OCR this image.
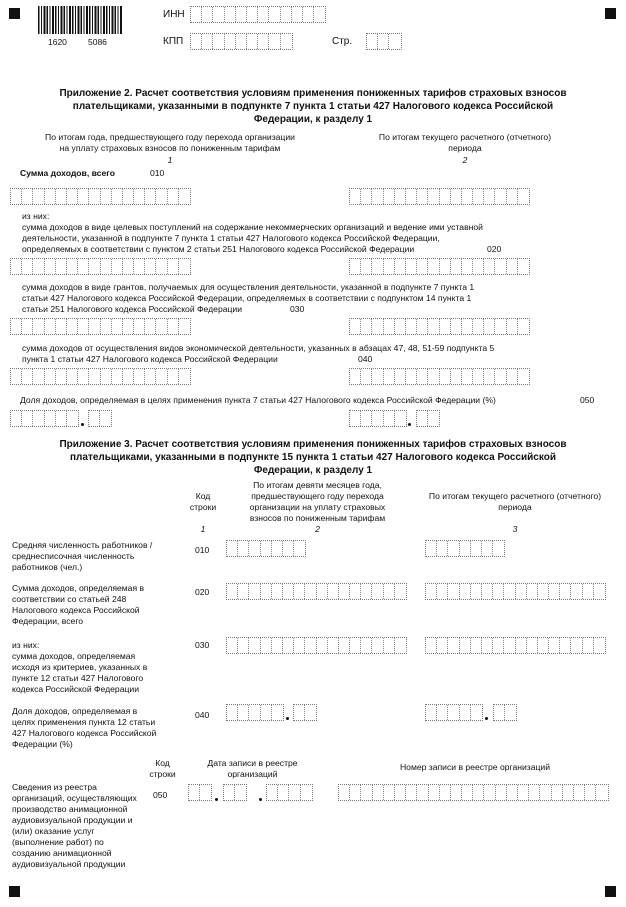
1620 5086
ИНН
КПП	Стр.
Приложение 2. Расчет соответствия условиям применения пониженных тарифов страховых взносов
плательщиками, указанными в подпункте 7 пункта 1 статьи 427 Налогового кодекса Российской
Федерации, к разделу 1
По итогам года, предшествующего году перехода организации
на уплату страховых взносов по пониженным тарифам
1
По итогам текущего расчетного (отчетного)
периода
2
Сумма доходов, всего	010
из них:
сумма доходов в виде целевых поступлений на содержание некоммерческих организаций и ведение ими уставной
деятельности, указанной в подпункте 7 пункта 1 статьи 427 Налогового кодекса Российской Федерации,
определяемых в соответствии с пунктом 2 статьи 251 Налогового кодекса Российской Федерации	020
сумма доходов в виде грантов, получаемых для осуществления деятельности, указанной в подпункте 7 пункта 1
статьи 427 Налогового кодекса Российской Федерации, определяемых в соответствии с подпунктом 14 пункта 1
статьи 251 Налогового кодекса Российской Федерации	030
сумма доходов от осуществления видов экономической деятельности, указанных в абзацах 47, 48, 51-59 подпункта 5
пункта 1 статьи 427 Налогового кодекса Российской Федерации	040
Доля доходов, определяемая в целях применения пункта 7 статьи 427 Налогового кодекса Российской Федерации (%)	050
Приложение 3. Расчет соответствия условиям применения пониженных тарифов страховых взносов
плательщиками, указанными в подпункте 15 пункта 1 статьи 427 Налогового кодекса Российской
Федерации, к разделу 1
Код
строки
1
По итогам девяти месяцев года,
предшествующего году перехода
организации на уплату страховых
взносов по пониженным тарифам
2
По итогам текущего расчетного (отчетного)
периода
3
Средняя численность работников /
среднесписочная численность
работников (чел.)
010
Сумма доходов, определяемая в
соответствии со статьей 248
Налогового кодекса Российской
Федерации, всего
020
из них:
сумма доходов, определяемая
исходя из критериев, указанных в
пункте 12 статьи 427 Налогового
кодекса Российской Федерации
030
Доля доходов, определяемая в
целях применения пункта 12 статьи
427 Налогового кодекса Российской
Федерации (%)
040
Код
строки
Дата записи в реестре
организаций
Номер записи в реестре организаций
Сведения из реестра
организаций, осуществляющих
производство анимационной
аудиовизуальной продукции и
(или) оказание услуг
(выполнение работ) по
созданию анимационной
аудиовизуальной продукции
050
